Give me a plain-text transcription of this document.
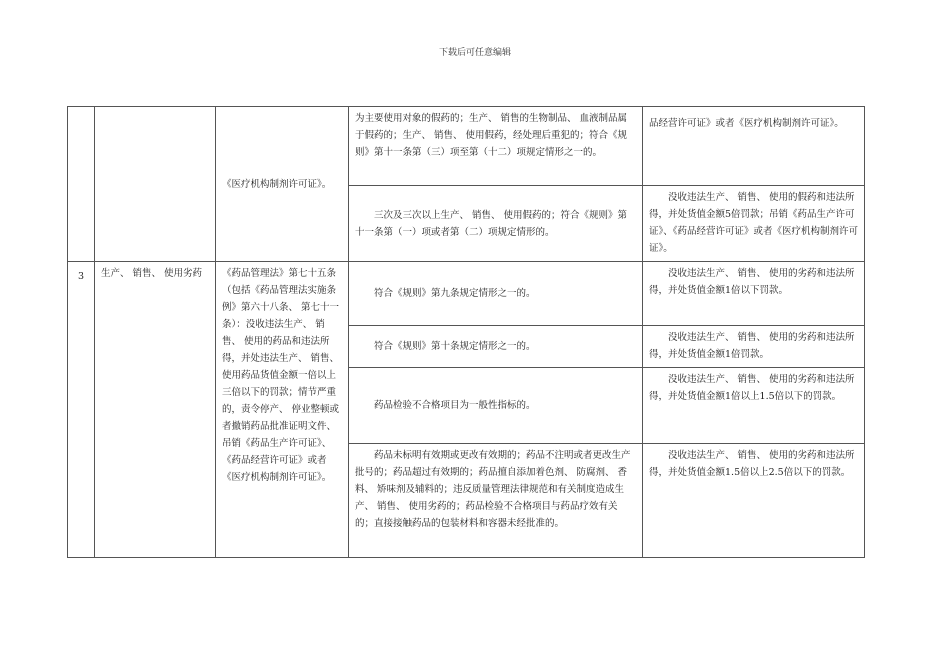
下载后可任意编辑
		《医疗机构制剂许可证》。	为主要使用对象的假药的；生产、 销售的生物制品、 血液制品属于假药的；生产、 销售、 使用假药，经处理后重犯的；符合《规则》第十一条第（三）项至第（十二）项规定情形之一的。	品经营许可证》或者《医疗机构制剂许可证》。
			三次及三次以上生产、 销售、 使用假药的；符合《规则》第十一条第（一）项或者第（二）项规定情形的。	没收违法生产、 销售、 使用的假药和违法所得，并处货值金额5倍罚款；吊销《药品生产许可证》、《药品经营许可证》或者《医疗机构制剂许可证》。
3	生产、 销售、 使用劣药	《药品管理法》第七十五条（包括《药品管理法实施条例》第六十八条、 第七十一条）：没收违法生产、 销售、 使用的药品和违法所得，并处违法生产、 销售、 使用药品货值金额一倍以上三倍以下的罚款；情节严重的，责令停产、 停业整顿或者撤销药品批准证明文件、 吊销《药品生产许可证》、《药品经营许可证》或者《医疗机构制剂许可证》。	符合《规则》第九条规定情形之一的。	没收违法生产、 销售、 使用的劣药和违法所得，并处货值金额1倍以下罚款。
			符合《规则》第十条规定情形之一的。	没收违法生产、 销售、 使用的劣药和违法所得，并处货值金额1倍罚款。
			药品检验不合格项目为一般性指标的。	没收违法生产、 销售、 使用的劣药和违法所得，并处货值金额1倍以上1.5倍以下的罚款。
			药品未标明有效期或更改有效期的；药品不注明或者更改生产批号的；药品超过有效期的；药品擅自添加着色剂、 防腐剂、 香料、 矫味剂及辅料的；违反质量管理法律规范和有关制度造成生产、 销售、 使用劣药的；药品检验不合格项目与药品疗效有关的；直接接触药品的包装材料和容器未经批准的。	没收违法生产、 销售、 使用的劣药和违法所得，并处货值金额1.5倍以上2.5倍以下的罚款。
